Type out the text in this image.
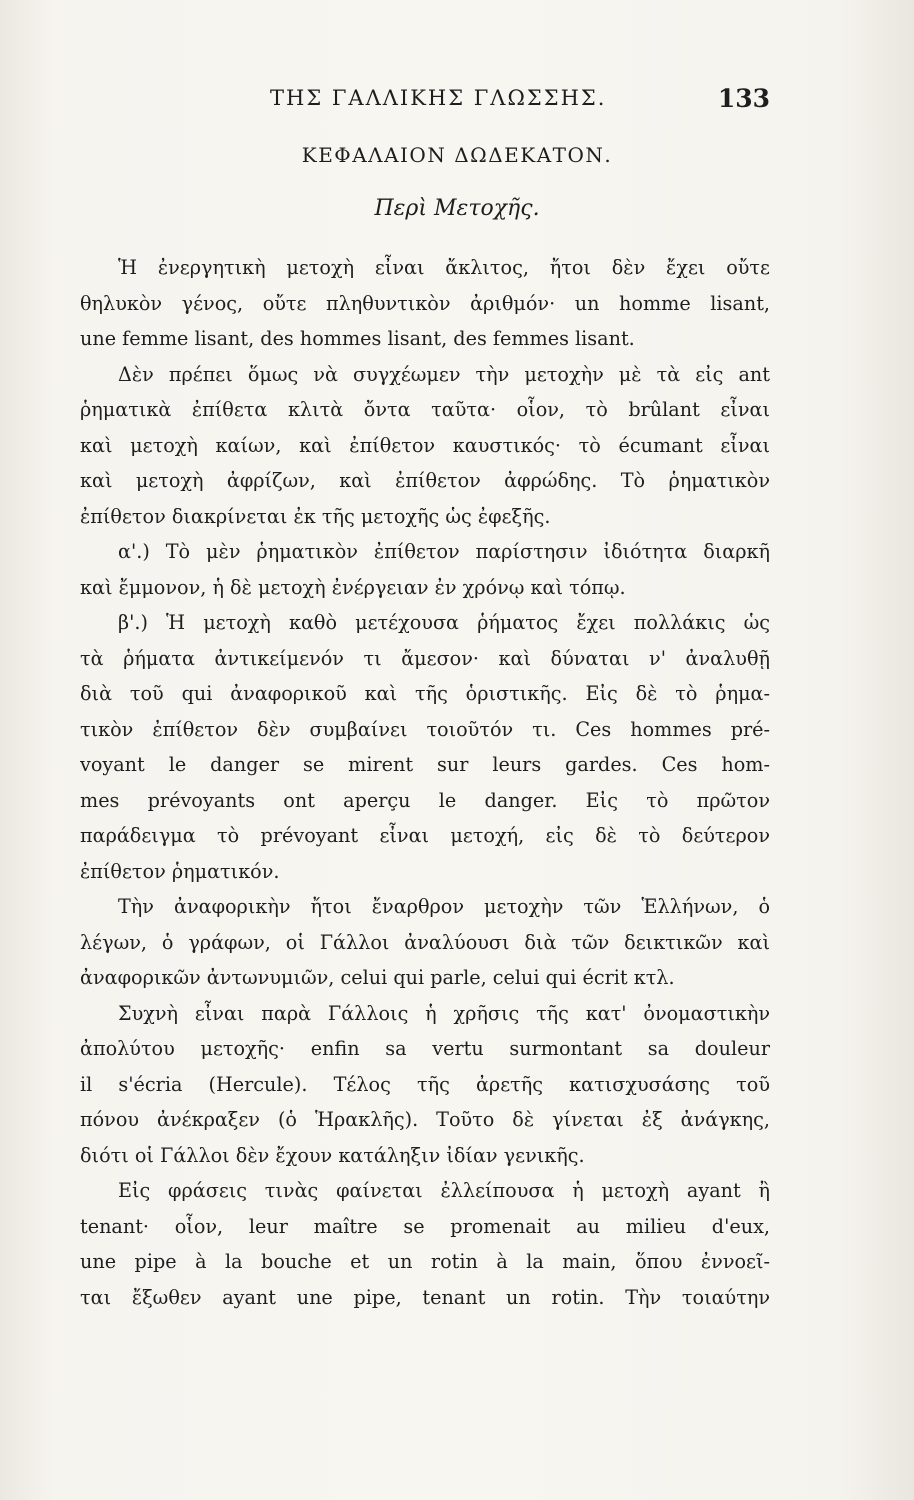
ΤΗΣ ΓΑΛΛΙΚΗΣ ΓΛΩΣΣΗΣ.	133
ΚΕΦΑΛΑΙΟΝ ΔΩΔΕΚΑΤΟΝ.
Περὶ Μετοχῆς.
Ἡ ἐνεργητικὴ μετοχὴ εἶναι ἄκλιτος, ἤτοι δὲν ἔχει οὔτε
θηλυκὸν γένος, οὔτε πληθυντικὸν ἀριθμόν· un homme lisant,
une femme lisant, des hommes lisant, des femmes lisant.
Δὲν πρέπει ὅμως νὰ συγχέωμεν τὴν μετοχὴν μὲ τὰ εἰς ant
ῥηματικὰ ἐπίθετα κλιτὰ ὄντα ταῦτα· οἷον, τὸ brûlant εἶναι
καὶ μετοχὴ καίων, καὶ ἐπίθετον καυστικός· τὸ écumant εἶναι
καὶ μετοχὴ ἀφρίζων, καὶ ἐπίθετον ἀφρώδης. Τὸ ῥηματικὸν
ἐπίθετον διακρίνεται ἐκ τῆς μετοχῆς ὡς ἐφεξῆς.
α'.) Τὸ μὲν ῥηματικὸν ἐπίθετον παρίστησιν ἰδιότητα διαρκῆ
καὶ ἔμμονον, ἡ δὲ μετοχὴ ἐνέργειαν ἐν χρόνῳ καὶ τόπῳ.
β'.) Ἡ μετοχὴ καθὸ μετέχουσα ῥήματος ἔχει πολλάκις ὡς
τὰ ῥήματα ἀντικείμενόν τι ἄμεσον· καὶ δύναται ν' ἀναλυθῇ
διὰ τοῦ qui ἀναφορικοῦ καὶ τῆς ὁριστικῆς. Εἰς δὲ τὸ ῥημα-
τικὸν ἐπίθετον δὲν συμβαίνει τοιοῦτόν τι. Ces hommes pré-
voyant le danger se mirent sur leurs gardes. Ces hom-
mes prévoyants ont aperçu le danger. Εἰς τὸ πρῶτον
παράδειγμα τὸ prévoyant εἶναι μετοχή, εἰς δὲ τὸ δεύτερον
ἐπίθετον ῥηματικόν.
Τὴν ἀναφορικὴν ἤτοι ἔναρθρον μετοχὴν τῶν Ἑλλήνων, ὁ
λέγων, ὁ γράφων, οἱ Γάλλοι ἀναλύουσι διὰ τῶν δεικτικῶν καὶ
ἀναφορικῶν ἀντωνυμιῶν, celui qui parle, celui qui écrit κτλ.
Συχνὴ εἶναι παρὰ Γάλλοις ἡ χρῆσις τῆς κατ' ὀνομαστικὴν
ἀπολύτου μετοχῆς· enfin sa vertu surmontant sa douleur
il s'écria (Hercule). Τέλος τῆς ἀρετῆς κατισχυσάσης τοῦ
πόνου ἀνέκραξεν (ὁ Ἡρακλῆς). Τοῦτο δὲ γίνεται ἐξ ἀνάγκης,
διότι οἱ Γάλλοι δὲν ἔχουν κατάληξιν ἰδίαν γενικῆς.
Εἰς φράσεις τινὰς φαίνεται ἐλλείπουσα ἡ μετοχὴ ayant ἢ
tenant· οἷον, leur maître se promenait au milieu d'eux,
une pipe à la bouche et un rotin à la main, ὅπου ἐννοεῖ-
ται ἔξωθεν ayant une pipe, tenant un rotin. Τὴν τοιαύτην
